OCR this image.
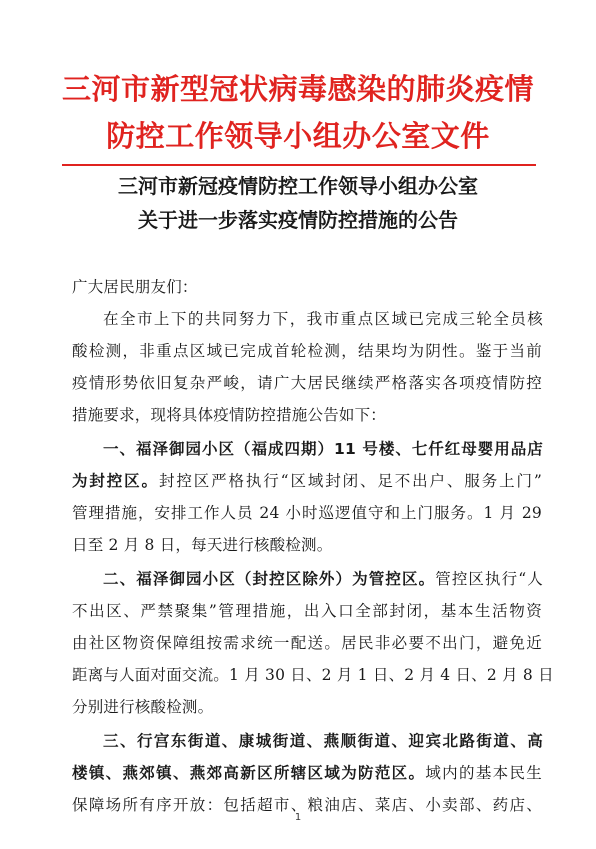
三河市新型冠状病毒感染的肺炎疫情
防控工作领导小组办公室文件
三河市新冠疫情防控工作领导小组办公室
关于进一步落实疫情防控措施的公告
广大居民朋友们：
在全市上下的共同努力下，我市重点区域已完成三轮全员核
酸检测，非重点区域已完成首轮检测，结果均为阴性。鉴于当前
疫情形势依旧复杂严峻，请广大居民继续严格落实各项疫情防控
措施要求，现将具体疫情防控措施公告如下：
一、福泽御园小区（福成四期）11 号楼、七仟红母婴用品店
为封控区。封控区严格执行“区域封闭、足不出户、服务上门”
管理措施，安排工作人员 24 小时巡逻值守和上门服务。1 月 29
日至 2 月 8 日，每天进行核酸检测。
二、福泽御园小区（封控区除外）为管控区。管控区执行“人
不出区、严禁聚集”管理措施，出入口全部封闭，基本生活物资
由社区物资保障组按需求统一配送。居民非必要不出门，避免近
距离与人面对面交流。1 月 30 日、2 月 1 日、2 月 4 日、2 月 8 日
分别进行核酸检测。
三、行宫东街道、康城街道、燕顺街道、迎宾北路街道、高
楼镇、燕郊镇、燕郊高新区所辖区域为防范区。域内的基本民生
保障场所有序开放：包括超市、粮油店、菜店、小卖部、药店、
1
